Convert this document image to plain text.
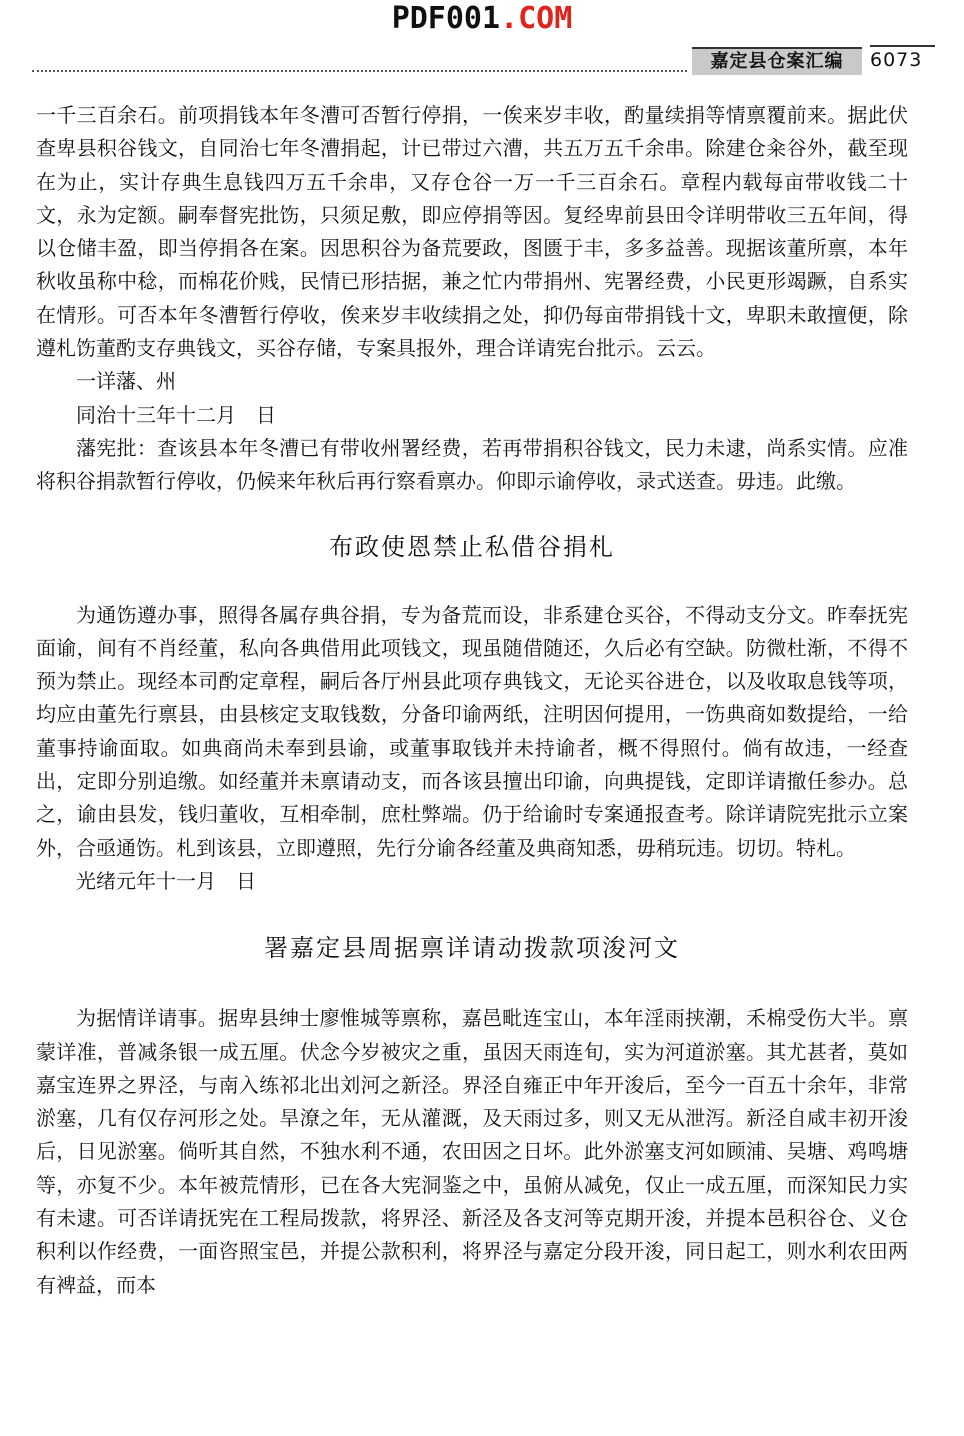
PDF001.COM
嘉定县仓案汇编	6073

一千三百余石。前项捐钱本年冬漕可否暂行停捐，一俟来岁丰收，酌量续捐等情禀覆前来。据此伏查卑县积谷钱文，自同治七年冬漕捐起，计已带过六漕，共五万五千余串。除建仓籴谷外，截至现在为止，实计存典生息钱四万五千余串，又存仓谷一万一千三百余石。章程内载每亩带收钱二十文，永为定额。嗣奉督宪批饬，只须足敷，即应停捐等因。复经卑前县田令详明带收三五年间，得以仓储丰盈，即当停捐各在案。因思积谷为备荒要政，图匮于丰，多多益善。现据该董所禀，本年秋收虽称中稔，而棉花价贱，民情已形拮据，兼之忙内带捐州、宪署经费，小民更形竭蹶，自系实在情形。可否本年冬漕暂行停收，俟来岁丰收续捐之处，抑仍每亩带捐钱十文，卑职未敢擅便，除遵札饬董酌支存典钱文，买谷存储，专案具报外，理合详请宪台批示。云云。

一详藩、州

同治十三年十二月　日

藩宪批：查该县本年冬漕已有带收州署经费，若再带捐积谷钱文，民力未逮，尚系实情。应准将积谷捐款暂行停收，仍候来年秋后再行察看禀办。仰即示谕停收，录式送查。毋违。此缴。

布政使恩禁止私借谷捐札

为通饬遵办事，照得各属存典谷捐，专为备荒而设，非系建仓买谷，不得动支分文。昨奉抚宪面谕，间有不肖经董，私向各典借用此项钱文，现虽随借随还，久后必有空缺。防微杜渐，不得不预为禁止。现经本司酌定章程，嗣后各厅州县此项存典钱文，无论买谷进仓，以及收取息钱等项，均应由董先行禀县，由县核定支取钱数，分备印谕两纸，注明因何提用，一饬典商如数提给，一给董事持谕面取。如典商尚未奉到县谕，或董事取钱并未持谕者，概不得照付。倘有故违，一经查出，定即分别追缴。如经董并未禀请动支，而各该县擅出印谕，向典提钱，定即详请撤任参办。总之，谕由县发，钱归董收，互相牵制，庶杜弊端。仍于给谕时专案通报查考。除详请院宪批示立案外，合亟通饬。札到该县，立即遵照，先行分谕各经董及典商知悉，毋稍玩违。切切。特札。

光绪元年十一月　日

署嘉定县周据禀详请动拨款项浚河文

为据情详请事。据卑县绅士廖惟城等禀称，嘉邑毗连宝山，本年淫雨挟潮，禾棉受伤大半。禀蒙详准，普减条银一成五厘。伏念今岁被灾之重，虽因天雨连旬，实为河道淤塞。其尤甚者，莫如嘉宝连界之界泾，与南入练祁北出刘河之新泾。界泾自雍正中年开浚后，至今一百五十余年，非常淤塞，几有仅存河形之处。旱潦之年，无从灌溉，及天雨过多，则又无从泄泻。新泾自咸丰初开浚后，日见淤塞。倘听其自然，不独水利不通，农田因之日坏。此外淤塞支河如顾浦、吴塘、鸡鸣塘等，亦复不少。本年被荒情形，已在各大宪洞鉴之中，虽俯从减免，仅止一成五厘，而深知民力实有未逮。可否详请抚宪在工程局拨款，将界泾、新泾及各支河等克期开浚，并提本邑积谷仓、义仓积利以作经费，一面咨照宝邑，并提公款积利，将界泾与嘉定分段开浚，同日起工，则水利农田两有裨益，而本
